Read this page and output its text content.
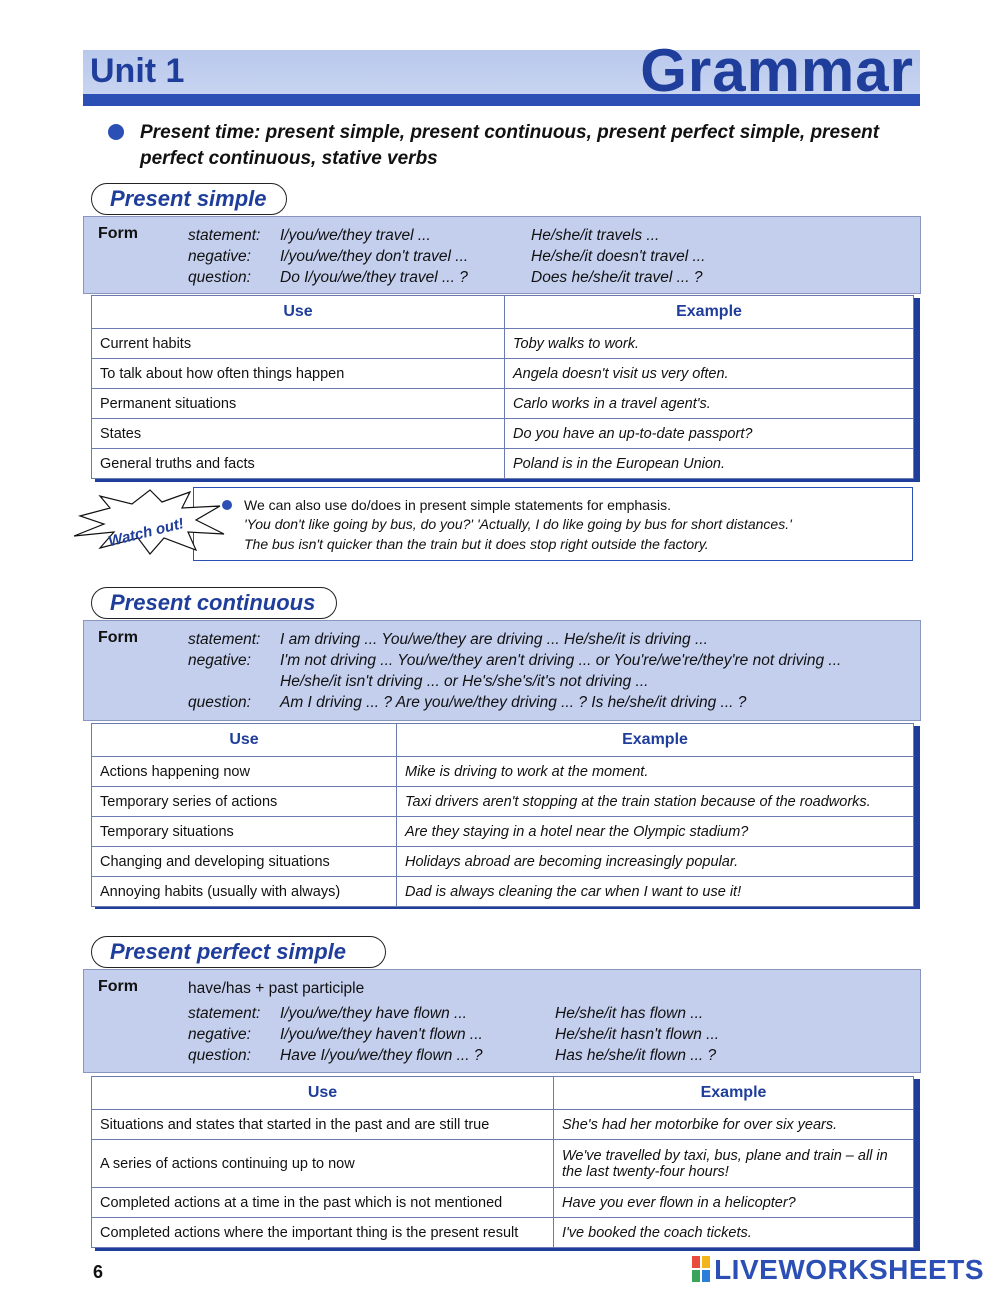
Unit 1	Grammar
Present time: present simple, present continuous, present perfect simple, present perfect continuous, stative verbs
Present simple
Form	statement: I/you/we/they travel ...	He/she/it travels ...
negative: I/you/we/they don't travel ...	He/she/it doesn't travel ...
question: Do I/you/we/they travel ... ?	Does he/she/it travel ... ?
Use	Example
Current habits	Toby walks to work.
To talk about how often things happen	Angela doesn't visit us very often.
Permanent situations	Carlo works in a travel agent's.
States	Do you have an up-to-date passport?
General truths and facts	Poland is in the European Union.
Watch out!
We can also use do/does in present simple statements for emphasis.
'You don't like going by bus, do you?' 'Actually, I do like going by bus for short distances.'
The bus isn't quicker than the train but it does stop right outside the factory.
Present continuous
Form	statement: I am driving ... You/we/they are driving ... He/she/it is driving ...
negative: I'm not driving ... You/we/they aren't driving ... or You're/we're/they're not driving ...
He/she/it isn't driving ... or He's/she's/it's not driving ...
question: Am I driving ... ? Are you/we/they driving ... ? Is he/she/it driving ... ?
Use	Example
Actions happening now	Mike is driving to work at the moment.
Temporary series of actions	Taxi drivers aren't stopping at the train station because of the roadworks.
Temporary situations	Are they staying in a hotel near the Olympic stadium?
Changing and developing situations	Holidays abroad are becoming increasingly popular.
Annoying habits (usually with always)	Dad is always cleaning the car when I want to use it!
Present perfect simple
Form	have/has + past participle
statement: I/you/we/they have flown ...	He/she/it has flown ...
negative: I/you/we/they haven't flown ...	He/she/it hasn't flown ...
question: Have I/you/we/they flown ... ?	Has he/she/it flown ... ?
Use	Example
Situations and states that started in the past and are still true	She's had her motorbike for over six years.
A series of actions continuing up to now	We've travelled by taxi, bus, plane and train – all in the last twenty-four hours!
Completed actions at a time in the past which is not mentioned	Have you ever flown in a helicopter?
Completed actions where the important thing is the present result	I've booked the coach tickets.
6	LIVEWORKSHEETS
